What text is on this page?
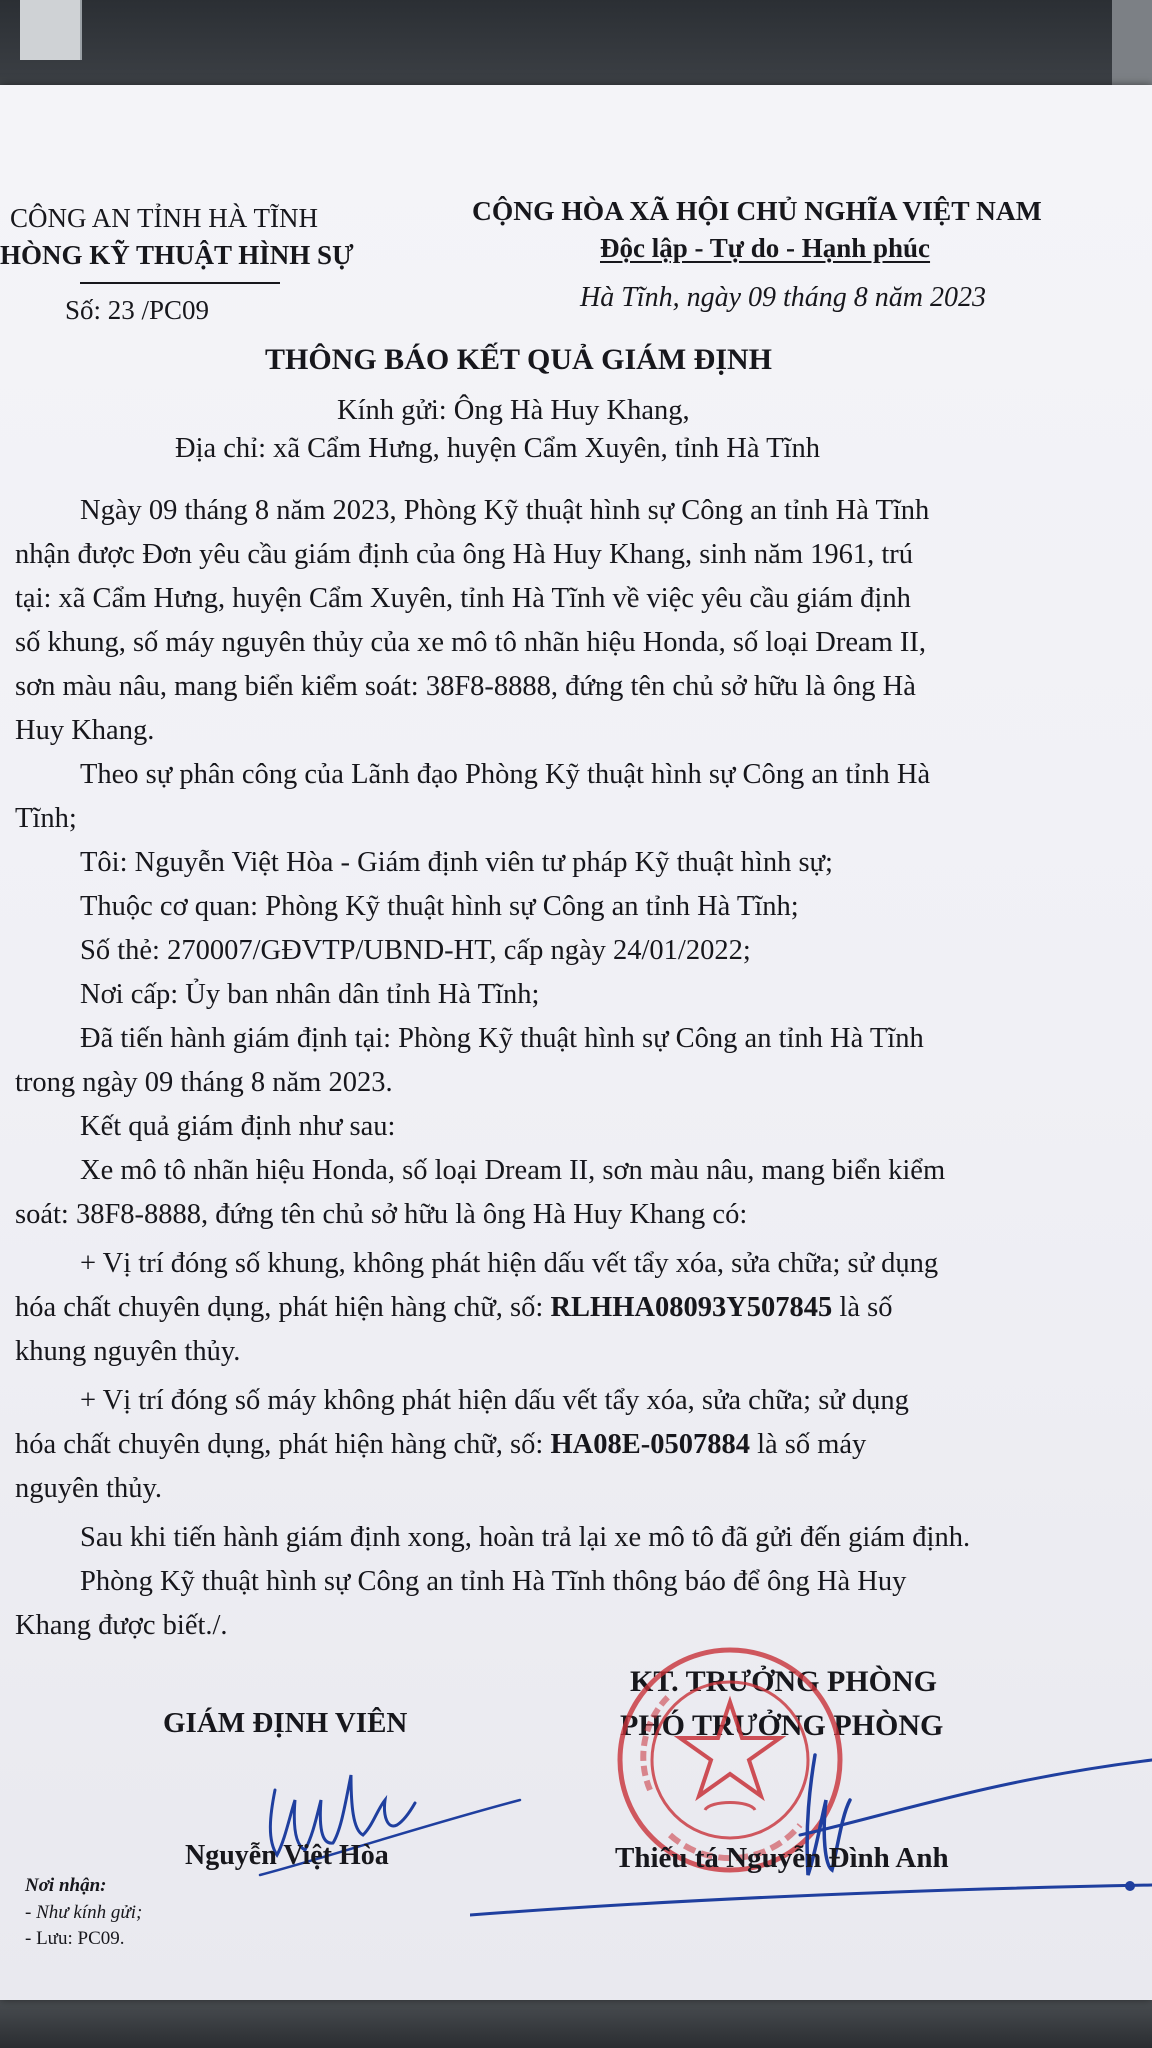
CÔNG AN TỈNH HÀ TĨNH
HÒNG KỸ THUẬT HÌNH SỰ
Số: 23 /PC09
CỘNG HÒA XÃ HỘI CHỦ NGHĨA VIỆT NAM
Độc lập - Tự do - Hạnh phúc
Hà Tĩnh, ngày 09 tháng 8 năm 2023
THÔNG BÁO KẾT QUẢ GIÁM ĐỊNH
Kính gửi: Ông Hà Huy Khang,
Địa chỉ: xã Cẩm Hưng, huyện Cẩm Xuyên, tỉnh Hà Tĩnh
Ngày 09 tháng 8 năm 2023, Phòng Kỹ thuật hình sự Công an tỉnh Hà Tĩnh
nhận được Đơn yêu cầu giám định của ông Hà Huy Khang, sinh năm 1961, trú
tại: xã Cẩm Hưng, huyện Cẩm Xuyên, tỉnh Hà Tĩnh về việc yêu cầu giám định
số khung, số máy nguyên thủy của xe mô tô nhãn hiệu Honda, số loại Dream II,
sơn màu nâu, mang biển kiểm soát: 38F8-8888, đứng tên chủ sở hữu là ông Hà
Huy Khang.
Theo sự phân công của Lãnh đạo Phòng Kỹ thuật hình sự Công an tỉnh Hà
Tĩnh;
Tôi: Nguyễn Việt Hòa - Giám định viên tư pháp Kỹ thuật hình sự;
Thuộc cơ quan: Phòng Kỹ thuật hình sự Công an tỉnh Hà Tĩnh;
Số thẻ: 270007/GĐVTP/UBND-HT, cấp ngày 24/01/2022;
Nơi cấp: Ủy ban nhân dân tỉnh Hà Tĩnh;
Đã tiến hành giám định tại: Phòng Kỹ thuật hình sự Công an tỉnh Hà Tĩnh
trong ngày 09 tháng 8 năm 2023.
Kết quả giám định như sau:
Xe mô tô nhãn hiệu Honda, số loại Dream II, sơn màu nâu, mang biển kiểm
soát: 38F8-8888, đứng tên chủ sở hữu là ông Hà Huy Khang có:
+ Vị trí đóng số khung, không phát hiện dấu vết tẩy xóa, sửa chữa; sử dụng
hóa chất chuyên dụng, phát hiện hàng chữ, số: RLHHA08093Y507845 là số
khung nguyên thủy.
+ Vị trí đóng số máy không phát hiện dấu vết tẩy xóa, sửa chữa; sử dụng
hóa chất chuyên dụng, phát hiện hàng chữ, số: HA08E-0507884 là số máy
nguyên thủy.
Sau khi tiến hành giám định xong, hoàn trả lại xe mô tô đã gửi đến giám định.
Phòng Kỹ thuật hình sự Công an tỉnh Hà Tĩnh thông báo để ông Hà Huy
Khang được biết./.
KT. TRƯỞNG PHÒNG
GIÁM ĐỊNH VIÊN	PHÓ TRƯỞNG PHÒNG
Nguyễn Việt Hòa	Thiếu tá Nguyễn Đình Anh
Nơi nhận:
- Như kính gửi;
- Lưu: PC09.
